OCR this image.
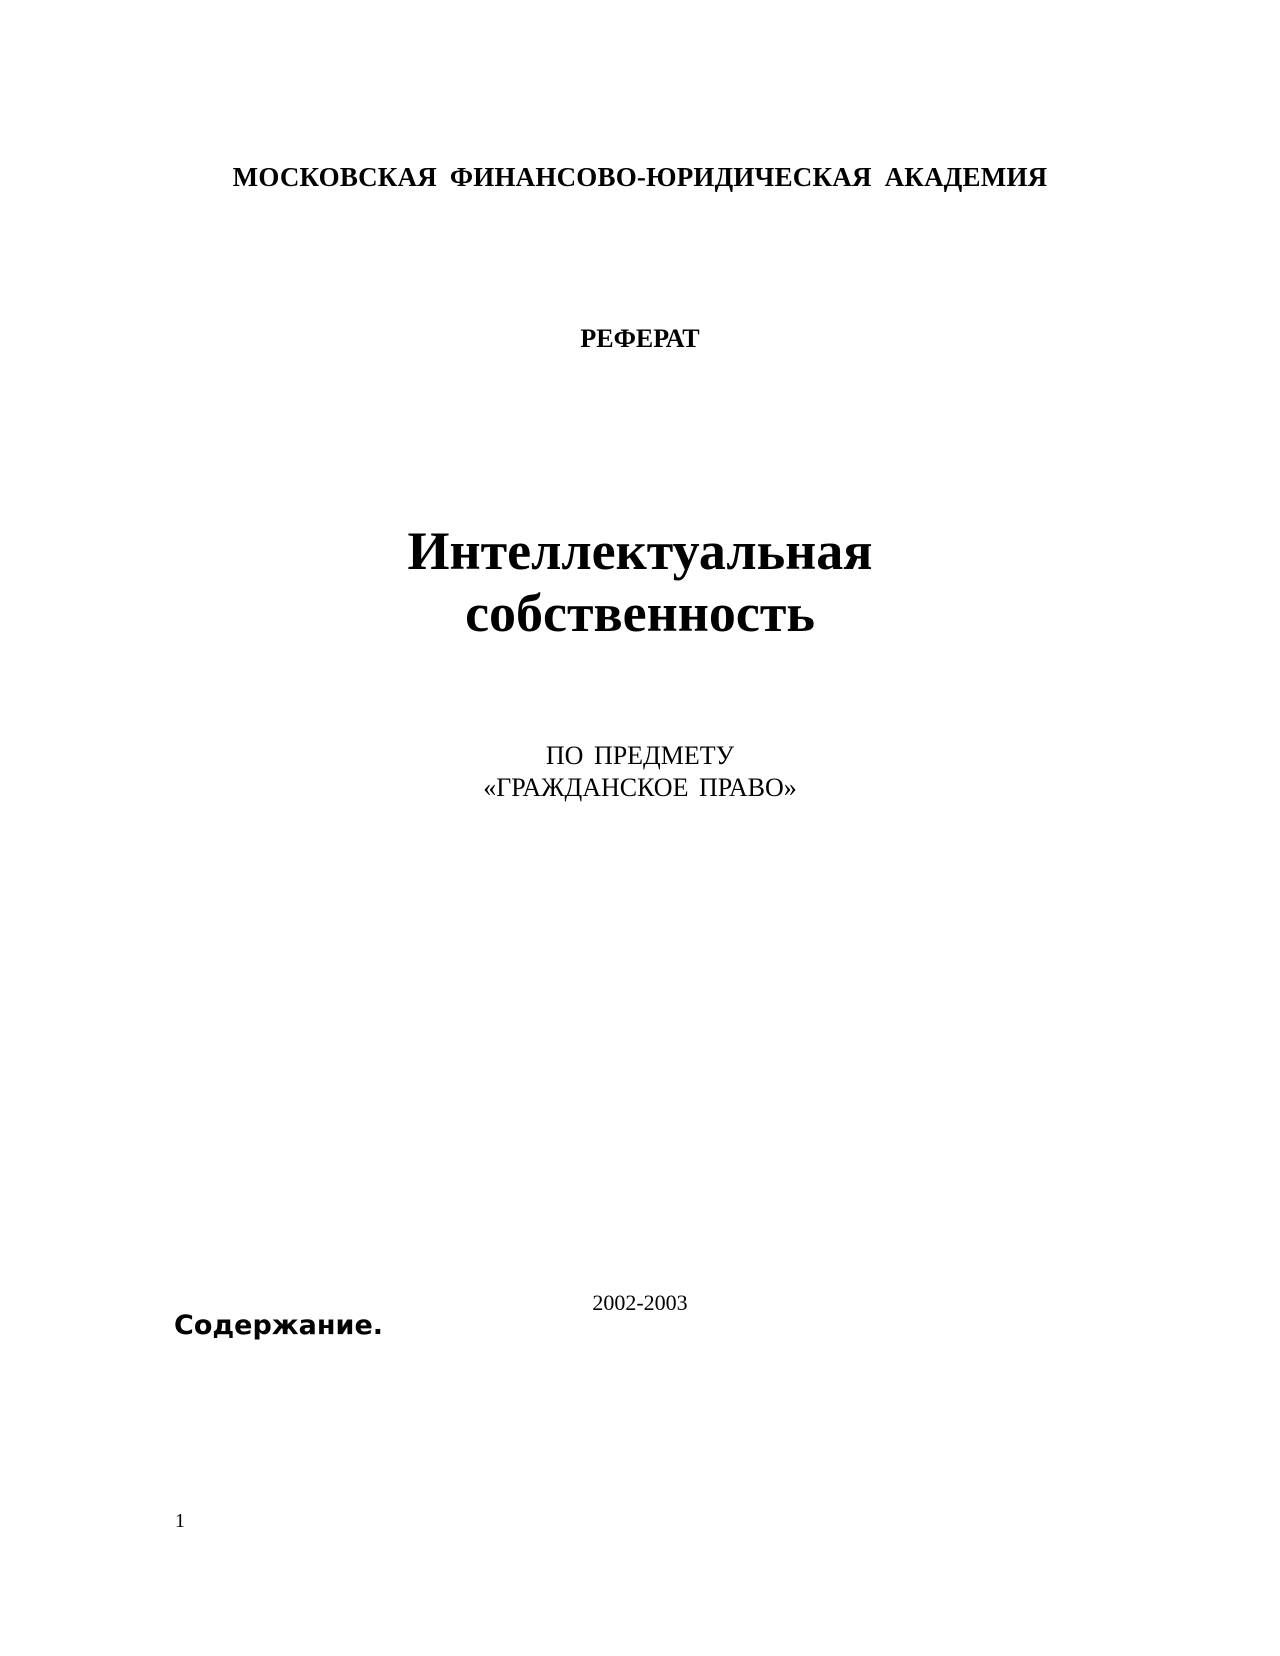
МОСКОВСКАЯ ФИНАНСОВО-ЮРИДИЧЕСКАЯ АКАДЕМИЯ
РЕФЕРАТ
Интеллектуальная
собственность
ПО ПРЕДМЕТУ
«ГРАЖДАНСКОЕ ПРАВО»
2002-2003
Содержание.
1
